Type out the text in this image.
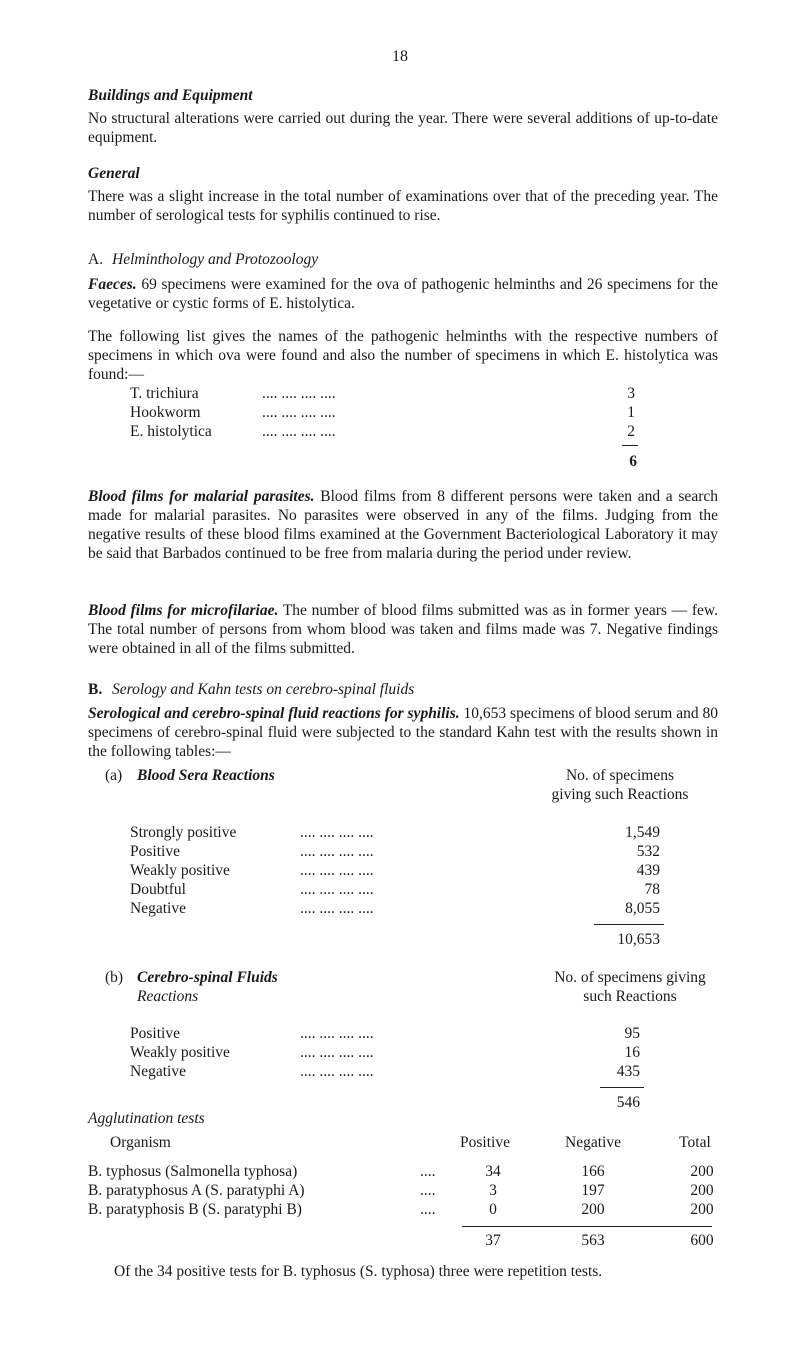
18
Buildings and Equipment
No structural alterations were carried out during the year. There were several additions of up-to-date equipment.
General
There was a slight increase in the total number of examinations over that of the preceding year. The number of serological tests for syphilis continued to rise.
A. Helminthology and Protozoology
Faeces. 69 specimens were examined for the ova of pathogenic helminths and 26 specimens for the vegetative or cystic forms of E. histolytica.
The following list gives the names of the pathogenic helminths with the respective numbers of specimens in which ova were found and also the number of specimens in which E. histolytica was found:—
T. trichiura	.... .... .... ....	3
Hookworm	.... .... .... ....	1
E. histolytica	.... .... .... ....	2
6
Blood films for malarial parasites. Blood films from 8 different persons were taken and a search made for malarial parasites. No parasites were observed in any of the films. Judging from the negative results of these blood films examined at the Government Bacteriological Laboratory it may be said that Barbados continued to be free from malaria during the period under review.
Blood films for microfilariae. The number of blood films submitted was as in former years — few. The total number of persons from whom blood was taken and films made was 7. Negative findings were obtained in all of the films submitted.
B. Serology and Kahn tests on cerebro-spinal fluids
Serological and cerebro-spinal fluid reactions for syphilis. 10,653 specimens of blood serum and 80 specimens of cerebro-spinal fluid were subjected to the standard Kahn test with the results shown in the following tables:—
(a) Blood Sera Reactions	No. of specimens
giving such Reactions
Strongly positive	.... .... .... ....	1,549
Positive	.... .... .... ....	532
Weakly positive	.... .... .... ....	439
Doubtful	.... .... .... ....	78
Negative	.... .... .... ....	8,055
10,653
(b) Cerebro-spinal Fluids
Reactions
No. of specimens giving
such Reactions
Positive	.... .... .... ....	95
Weakly positive	.... .... .... ....	16
Negative	.... .... .... ....	435
546
Agglutination tests
Organism	Positive	Negative	Total
B. typhosus (Salmonella typhosa)	....	34	166	200
B. paratyphosus A (S. paratyphi A)	....	3	197	200
B. paratyphosis B (S. paratyphi B)	....	0	200	200
37	563	600
Of the 34 positive tests for B. typhosus (S. typhosa) three were repetition tests.
